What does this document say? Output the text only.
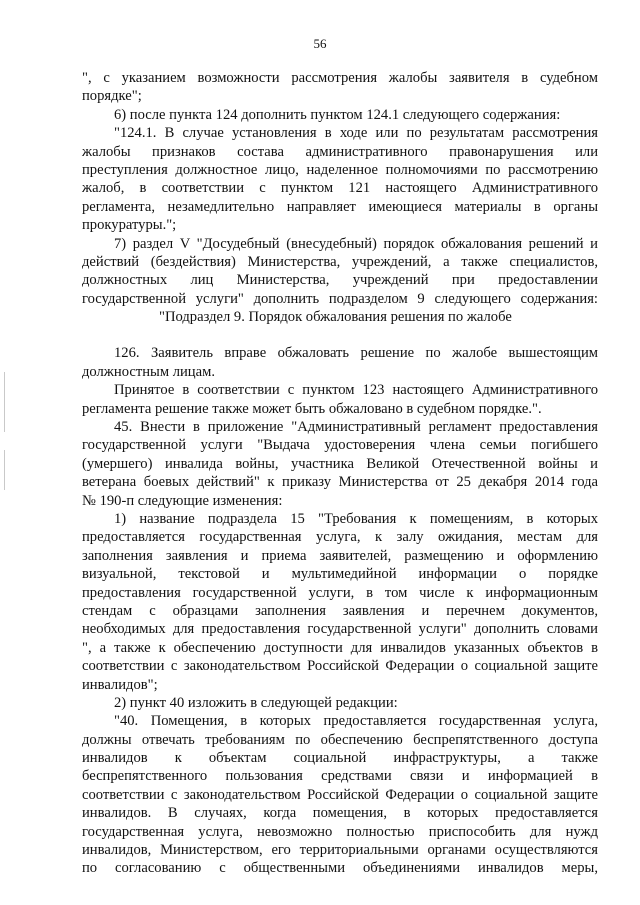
56
", с указанием возможности рассмотрения жалобы заявителя в судебном
порядке";
6) после пункта 124 дополнить пунктом 124.1 следующего содержания:
"124.1. В случае установления в ходе или по результатам рассмотрения
жалобы признаков состава административного правонарушения или
преступления должностное лицо, наделенное полномочиями по рассмотрению
жалоб, в соответствии с пунктом 121 настоящего Административного
регламента, незамедлительно направляет имеющиеся материалы в органы
прокуратуры.";
7) раздел V "Досудебный (внесудебный) порядок обжалования решений и
действий (бездействия) Министерства, учреждений, а также специалистов,
должностных лиц Министерства, учреждений при предоставлении
государственной услуги" дополнить подразделом 9 следующего содержания:
"Подраздел 9. Порядок обжалования решения по жалобе
126. Заявитель вправе обжаловать решение по жалобе вышестоящим
должностным лицам.
Принятое в соответствии с пунктом 123 настоящего Административного
регламента решение также может быть обжаловано в судебном порядке.".
45. Внести в приложение "Административный регламент предоставления
государственной услуги "Выдача удостоверения члена семьи погибшего
(умершего) инвалида войны, участника Великой Отечественной войны и
ветерана боевых действий" к приказу Министерства от 25 декабря 2014 года
№ 190-п следующие изменения:
1) название подраздела 15 "Требования к помещениям, в которых
предоставляется государственная услуга, к залу ожидания, местам для
заполнения заявления и приема заявителей, размещению и оформлению
визуальной, текстовой и мультимедийной информации о порядке
предоставления государственной услуги, в том числе к информационным
стендам с образцами заполнения заявления и перечнем документов,
необходимых для предоставления государственной услуги" дополнить словами
", а также к обеспечению доступности для инвалидов указанных объектов в
соответствии с законодательством Российской Федерации о социальной защите
инвалидов";
2) пункт 40 изложить в следующей редакции:
"40. Помещения, в которых предоставляется государственная услуга,
должны отвечать требованиям по обеспечению беспрепятственного доступа
инвалидов к объектам социальной инфраструктуры, а также
беспрепятственного пользования средствами связи и информацией в
соответствии с законодательством Российской Федерации о социальной защите
инвалидов. В случаях, когда помещения, в которых предоставляется
государственная услуга, невозможно полностью приспособить для нужд
инвалидов, Министерством, его территориальными органами осуществляются
по согласованию с общественными объединениями инвалидов меры,
